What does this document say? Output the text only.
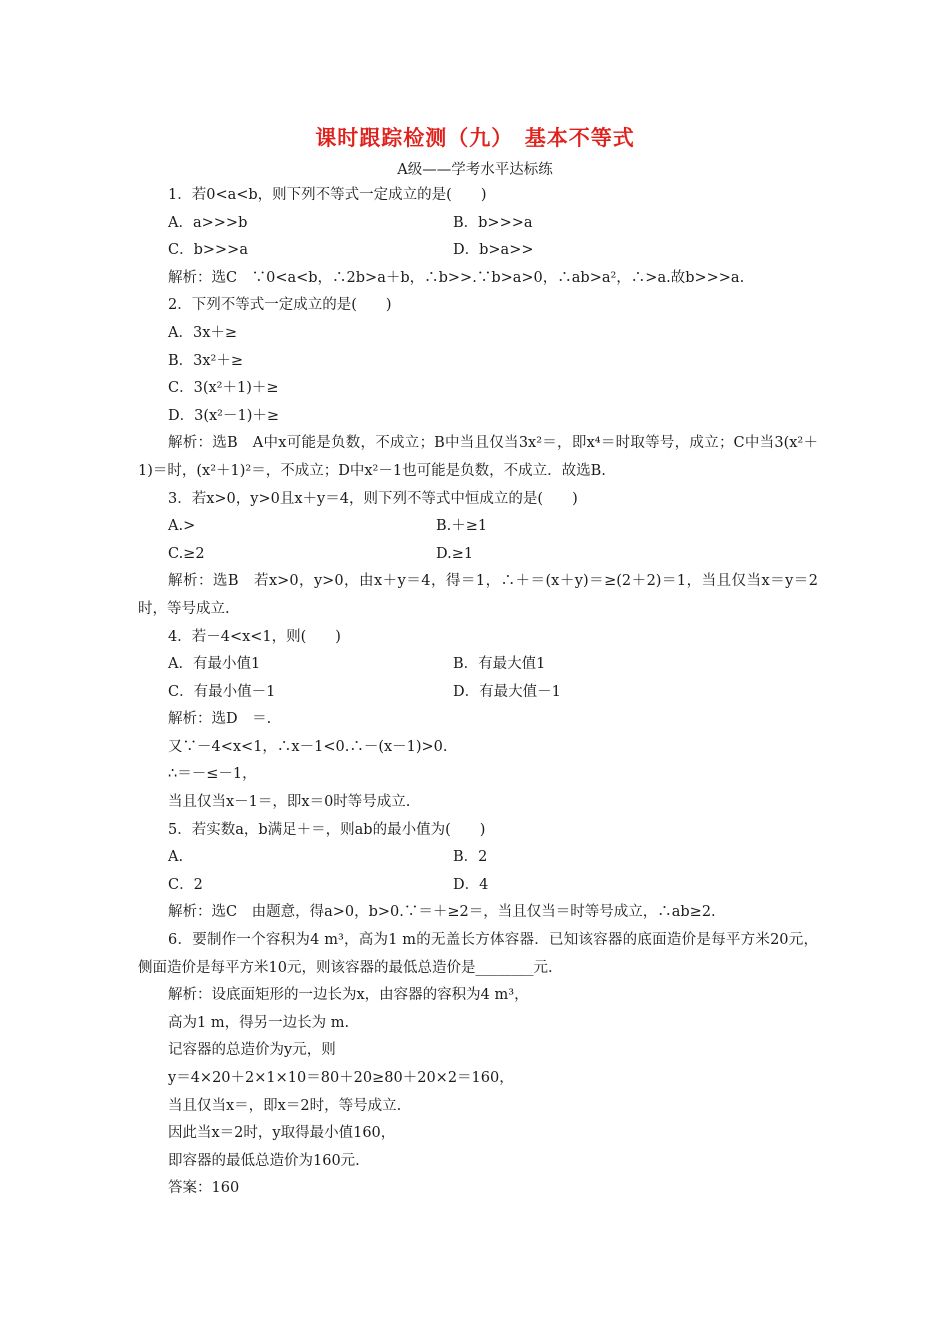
课时跟踪检测（九）　基本不等式
A级——学考水平达标练
1．若0<a<b，则下列不等式一定成立的是(　　)
A．a>>>b	B．b>>>a
C．b>>>a	D．b>a>>
解析：选C　∵0<a<b，∴2b>a＋b，∴b>>.∵b>a>0，∴ab>a²，∴>a.故b>>>a.
2．下列不等式一定成立的是(　　)
A．3x＋≥
B．3x²＋≥
C．3(x²＋1)＋≥
D．3(x²－1)＋≥
解析：选B　A中x可能是负数，不成立；B中当且仅当3x²＝，即x⁴＝时取等号，成立；C中当3(x²＋1)＝时，(x²＋1)²＝，不成立；D中x²－1也可能是负数，不成立．故选B.
3．若x>0，y>0且x＋y＝4，则下列不等式中恒成立的是(　　)
A.>	B.＋≥1
C.≥2	D.≥1
解析：选B　若x>0，y>0，由x＋y＝4，得＝1，∴＋＝(x＋y)＝≥(2＋2)＝1，当且仅当x＝y＝2时，等号成立.
4．若－4<x<1，则(　　)
A．有最小值1	B．有最大值1
C．有最小值－1	D．有最大值－1
解析：选D　＝.
又∵－4<x<1，∴x－1<0.∴－(x－1)>0.
∴＝－≤－1，
当且仅当x－1＝，即x＝0时等号成立.
5．若实数a，b满足＋＝，则ab的最小值为(　　)
A.	B．2
C．2	D．4
解析：选C　由题意，得a>0，b>0.∵＝＋≥2＝，当且仅当＝时等号成立，∴ab≥2.
6．要制作一个容积为4 m³，高为1 m的无盖长方体容器．已知该容器的底面造价是每平方米20元，侧面造价是每平方米10元，则该容器的最低总造价是________元.
解析：设底面矩形的一边长为x，由容器的容积为4 m³，
高为1 m，得另一边长为 m.
记容器的总造价为y元，则
y＝4×20＋2×1×10＝80＋20≥80＋20×2＝160，
当且仅当x＝，即x＝2时，等号成立.
因此当x＝2时，y取得最小值160，
即容器的最低总造价为160元.
答案：160
